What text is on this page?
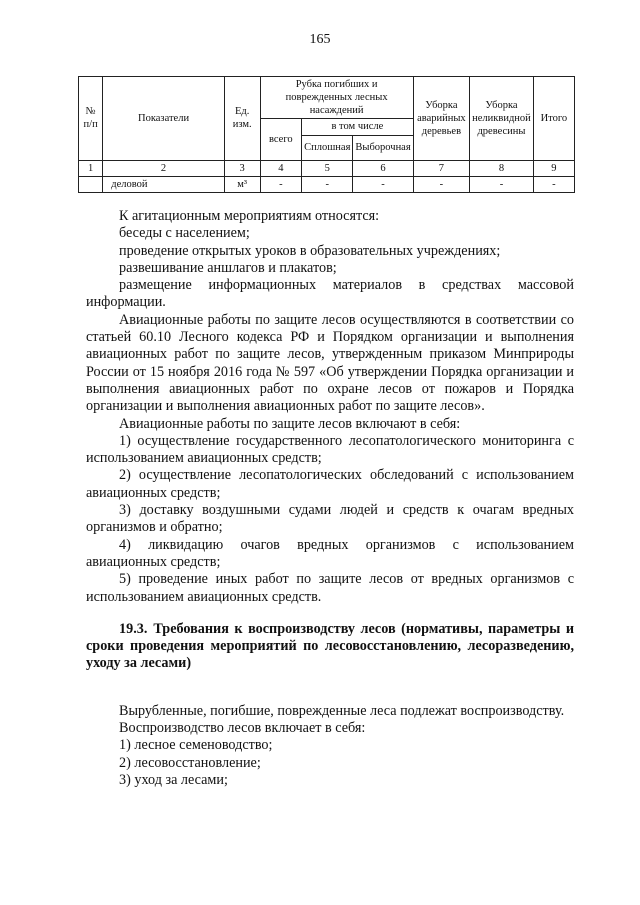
165
№ п/п	Показатели	Ед. изм.	Рубка погибших и поврежденных лесных насаждений			Уборка аварийных деревьев	Уборка неликвидной древесины	Итого
			всего	в том числе				
				Сплошная	Выборочная			
1	2	3	4	5	6	7	8	9
	деловой	м³	-	-	-	-	-	-

К агитационным мероприятиям относятся:

беседы с населением;

проведение открытых уроков в образовательных учреждениях;

развешивание аншлагов и плакатов;

размещение информационных материалов в средствах массовой информации.

Авиационные работы по защите лесов осуществляются в соответствии со статьей 60.10 Лесного кодекса РФ и Порядком организации и выполнения авиационных работ по защите лесов, утвержденным приказом Минприроды России от 15 ноября 2016 года № 597 «Об утверждении Порядка организации и выполнения авиационных работ по охране лесов от пожаров и Порядка организации и выполнения авиационных работ по защите лесов».

Авиационные работы по защите лесов включают в себя:

1) осуществление государственного лесопатологического мониторинга с использованием авиационных средств;

2) осуществление лесопатологических обследований с использованием авиационных средств;

3) доставку воздушными судами людей и средств к очагам вредных организмов и обратно;

4) ликвидацию очагов вредных организмов с использованием авиационных средств;

5) проведение иных работ по защите лесов от вредных организмов с использованием авиационных средств.

19.3. Требования к воспроизводству лесов (нормативы, параметры и сроки проведения мероприятий по лесовосстановлению, лесоразведению, уходу за лесами)

Вырубленные, погибшие, поврежденные леса подлежат воспроизводству.

Воспроизводство лесов включает в себя:

1) лесное семеноводство;

2) лесовосстановление;

3) уход за лесами;
